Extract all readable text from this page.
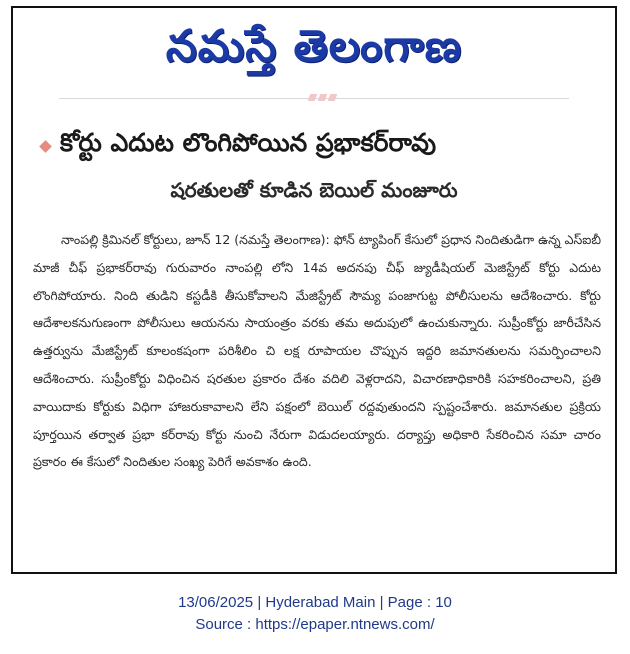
నమస్తే తెలంగాణ
కోర్టు ఎదుట లొంగిపోయిన ప్రభాకర్‌రావు
షరతులతో కూడిన బెయిల్ మంజూరు

నాంపల్లి క్రిమినల్ కోర్టులు, జూన్ 12 (నమస్తే తెలంగాణ): ఫోన్ ట్యాపింగ్ కేసులో ప్రధాన నిందితుడిగా ఉన్న ఎస్ఐబీ మాజీ చీఫ్ ప్రభాకర్‌రావు గురువారం నాంపల్లి లోని 14వ అదనపు చీఫ్ జ్యుడీషియల్ మెజిస్ట్రేట్ కోర్టు ఎదుట లొంగిపోయారు. నింది తుడిని కస్టడీకి తీసుకోవాలని మేజిస్ట్రేట్ సౌమ్య పంజాగుట్ట పోలీసులను ఆదేశించారు. కోర్టు ఆదేశాలకనుగుణంగా పోలీసులు ఆయనను సాయంత్రం వరకు తమ అదుపులో ఉంచుకున్నారు. సుప్రీంకోర్టు జారీచేసిన ఉత్తర్వును మేజిస్ట్రేట్ కూలంకషంగా పరిశీలిం చి లక్ష రూపాయల చొప్పున ఇద్దరి జమానతులను సమర్పించాలని ఆదేశించారు. సుప్రీంకోర్టు విధించిన షరతుల ప్రకారం దేశం వదిలి వెళ్లరాదని, విచారణాధికారికి సహకరించాలని, ప్రతి వాయిదాకు కోర్టుకు విధిగా హాజరుకావాలని లేని పక్షంలో బెయిల్ రద్దవుతుందని స్పష్టంచేశారు. జమానతుల ప్రక్రియ పూర్తయిన తర్వాత ప్రభా కర్‌రావు కోర్టు నుంచి నేరుగా విడుదలయ్యారు. దర్యాప్తు అధికారి సేకరించిన సమా చారం ప్రకారం ఈ కేసులో నిందితుల సంఖ్య పెరిగే అవకాశం ఉంది.

13/06/2025 | Hyderabad Main | Page : 10
Source : https://epaper.ntnews.com/
